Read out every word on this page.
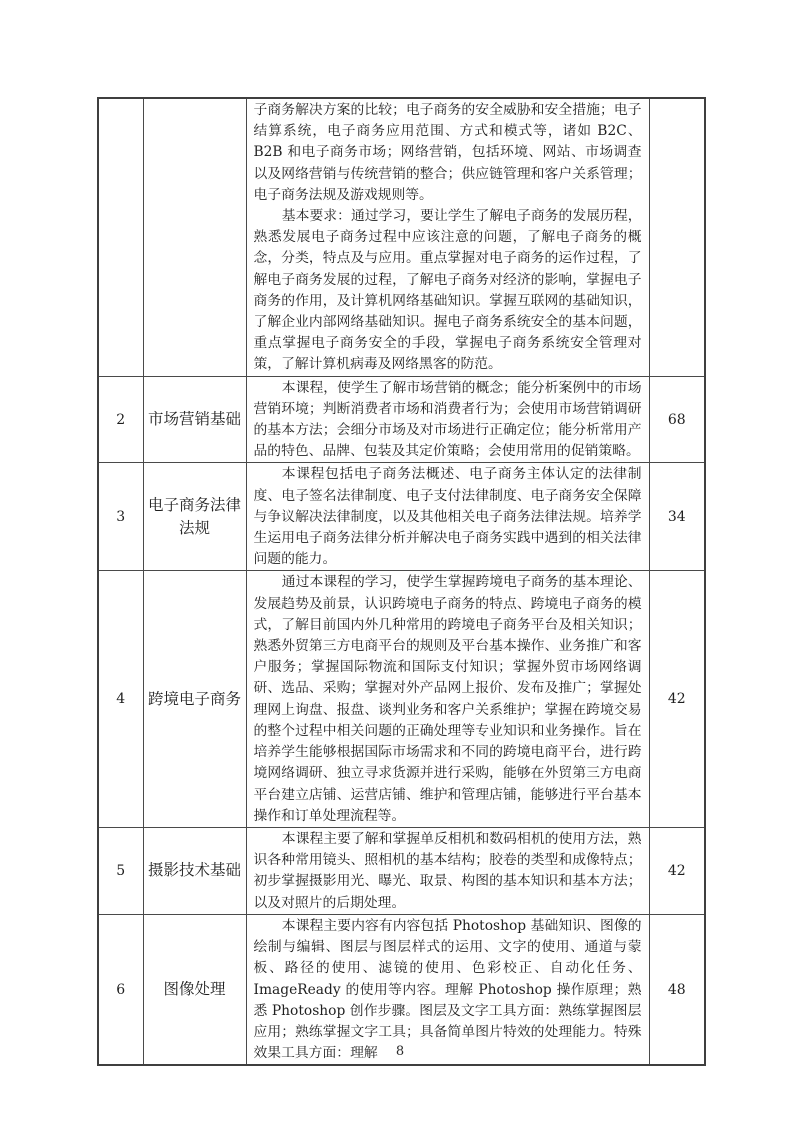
		子商务解决方案的比较；电子商务的安全威胁和安全措施；电子结算系统，电子商务应用范围、方式和模式等，诸如 B2C、B2B 和电子商务市场；网络营销，包括环境、网站、市场调查以及网络营销与传统营销的整合；供应链管理和客户关系管理；电子商务法规及游戏规则等。

基本要求：通过学习，要让学生了解电子商务的发展历程，熟悉发展电子商务过程中应该注意的问题，了解电子商务的概念，分类，特点及与应用。重点掌握对电子商务的运作过程，了解电子商务发展的过程，了解电子商务对经济的影响，掌握电子商务的作用，及计算机网络基础知识。掌握互联网的基础知识，了解企业内部网络基础知识。握电子商务系统安全的基本问题，重点掌握电子商务安全的手段，掌握电子商务系统安全管理对策，了解计算机病毒及网络黑客的防范。	

2	市场营销基础	本课程，使学生了解市场营销的概念；能分析案例中的市场营销环境；判断消费者市场和消费者行为；会使用市场营销调研的基本方法；会细分市场及对市场进行正确定位；能分析常用产品的特色、品牌、包装及其定价策略；会使用常用的促销策略。	68
3	电子商务法律法规	本课程包括电子商务法概述、电子商务主体认定的法律制度、电子签名法律制度、电子支付法律制度、电子商务安全保障与争议解决法律制度，以及其他相关电子商务法律法规。培养学生运用电子商务法律分析并解决电子商务实践中遇到的相关法律问题的能力。	34
4	跨境电子商务	通过本课程的学习，使学生掌握跨境电子商务的基本理论、发展趋势及前景，认识跨境电子商务的特点、跨境电子商务的模式，了解目前国内外几种常用的跨境电子商务平台及相关知识；熟悉外贸第三方电商平台的规则及平台基本操作、业务推广和客户服务；掌握国际物流和国际支付知识；掌握外贸市场网络调研、选品、采购；掌握对外产品网上报价、发布及推广；掌握处理网上询盘、报盘、谈判业务和客户关系维护；掌握在跨境交易的整个过程中相关问题的正确处理等专业知识和业务操作。旨在培养学生能够根据国际市场需求和不同的跨境电商平台，进行跨境网络调研、独立寻求货源并进行采购，能够在外贸第三方电商平台建立店铺、运营店铺、维护和管理店铺，能够进行平台基本操作和订单处理流程等。	42
5	摄影技术基础	本课程主要了解和掌握单反相机和数码相机的使用方法，熟识各种常用镜头、照相机的基本结构；胶卷的类型和成像特点；初步掌握摄影用光、曝光、取景、构图的基本知识和基本方法；以及对照片的后期处理。	42
6	图像处理	本课程主要内容有内容包括 Photoshop 基础知识、图像的绘制与编辑、图层与图层样式的运用、文字的使用、通道与蒙板、路径的使用、滤镜的使用、色彩校正、自动化任务、ImageReady 的使用等内容。理解 Photoshop 操作原理；熟悉 Photoshop 创作步骤。图层及文字工具方面：熟练掌握图层应用；熟练掌握文字工具；具备简单图片特效的处理能力。特殊效果工具方面：理解	48
8
